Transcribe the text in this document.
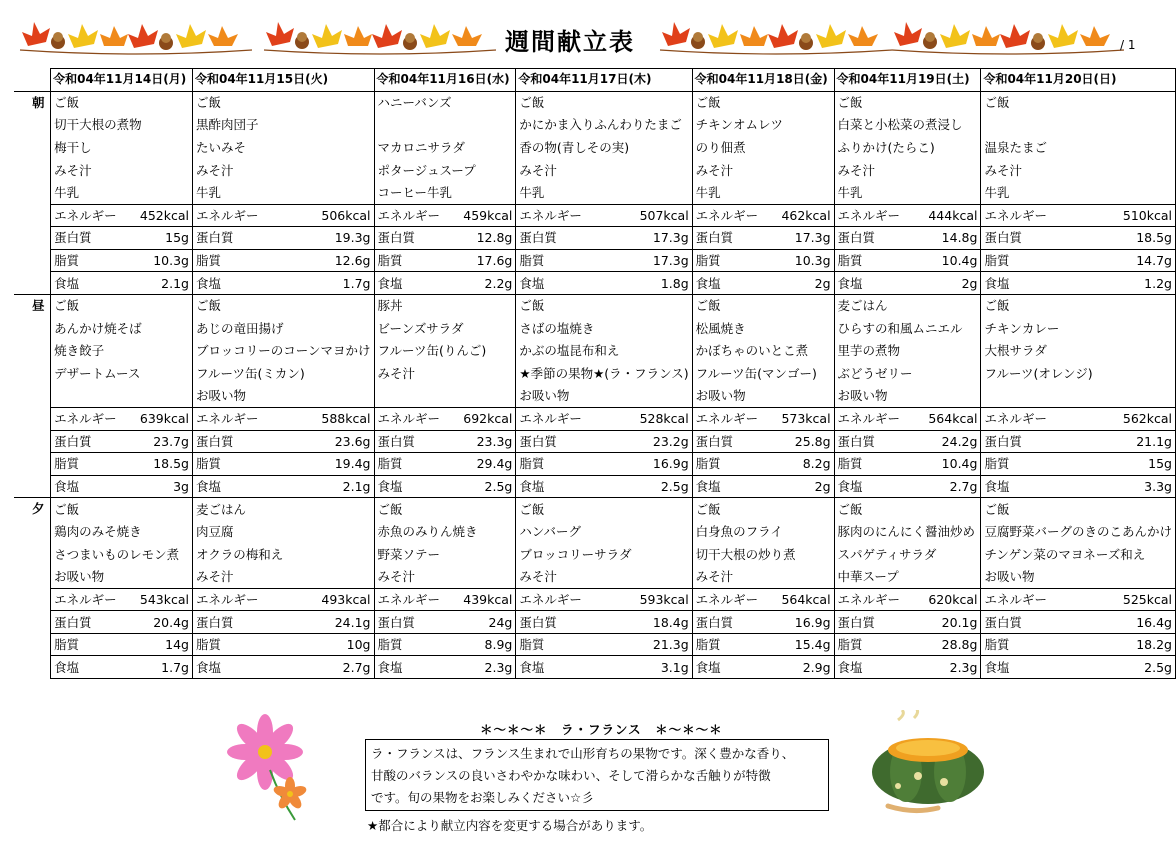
週間献立表	/ 1
	令和04年11月14日(月)		令和04年11月15日(火)		令和04年11月16日(水)		令和04年11月17日(木)		令和04年11月18日(金)		令和04年11月19日(土)		令和04年11月20日(日)	
朝	ご飯		ご飯		ハニーバンズ		ご飯		ご飯		ご飯		ご飯	
	切干大根の煮物		黒酢肉団子				かにかま入りふんわりたまご		チキンオムレツ		白菜と小松菜の煮浸し			
	梅干し		たいみそ		マカロニサラダ		香の物(青しその実)		のり佃煮		ふりかけ(たらこ)		温泉たまご	
	みそ汁		みそ汁		ポタージュスープ		みそ汁		みそ汁		みそ汁		みそ汁	
	牛乳		牛乳		コーヒー牛乳		牛乳		牛乳		牛乳		牛乳	
	エネルギー	452kcal	エネルギー	506kcal	エネルギー	459kcal	エネルギー	507kcal	エネルギー	462kcal	エネルギー	444kcal	エネルギー	510kcal
	蛋白質	15g	蛋白質	19.3g	蛋白質	12.8g	蛋白質	17.3g	蛋白質	17.3g	蛋白質	14.8g	蛋白質	18.5g
	脂質	10.3g	脂質	12.6g	脂質	17.6g	脂質	17.3g	脂質	10.3g	脂質	10.4g	脂質	14.7g
	食塩	2.1g	食塩	1.7g	食塩	2.2g	食塩	1.8g	食塩	2g	食塩	2g	食塩	1.2g
昼	ご飯		ご飯		豚丼		ご飯		ご飯		麦ごはん		ご飯	
	あんかけ焼そば		あじの竜田揚げ		ビーンズサラダ		さばの塩焼き		松風焼き		ひらすの和風ムニエル		チキンカレー	
	焼き餃子		ブロッコリーのコーンマヨかけ		フルーツ缶(りんご)		かぶの塩昆布和え		かぼちゃのいとこ煮		里芋の煮物		大根サラダ	
	デザートムース		フルーツ缶(ミカン)		みそ汁		★季節の果物★(ラ・フランス)		フルーツ缶(マンゴー)		ぶどうゼリー		フルーツ(オレンジ)	
			お吸い物				お吸い物		お吸い物		お吸い物			
	エネルギー	639kcal	エネルギー	588kcal	エネルギー	692kcal	エネルギー	528kcal	エネルギー	573kcal	エネルギー	564kcal	エネルギー	562kcal
	蛋白質	23.7g	蛋白質	23.6g	蛋白質	23.3g	蛋白質	23.2g	蛋白質	25.8g	蛋白質	24.2g	蛋白質	21.1g
	脂質	18.5g	脂質	19.4g	脂質	29.4g	脂質	16.9g	脂質	8.2g	脂質	10.4g	脂質	15g
	食塩	3g	食塩	2.1g	食塩	2.5g	食塩	2.5g	食塩	2g	食塩	2.7g	食塩	3.3g
夕	ご飯		麦ごはん		ご飯		ご飯		ご飯		ご飯		ご飯	
	鶏肉のみそ焼き		肉豆腐		赤魚のみりん焼き		ハンバーグ		白身魚のフライ		豚肉のにんにく醤油炒め		豆腐野菜バーグのきのこあんかけ	
	さつまいものレモン煮		オクラの梅和え		野菜ソテー		ブロッコリーサラダ		切干大根の炒り煮		スパゲティサラダ		チンゲン菜のマヨネーズ和え	
	お吸い物		みそ汁		みそ汁		みそ汁		みそ汁		中華スープ		お吸い物	
	エネルギー	543kcal	エネルギー	493kcal	エネルギー	439kcal	エネルギー	593kcal	エネルギー	564kcal	エネルギー	620kcal	エネルギー	525kcal
	蛋白質	20.4g	蛋白質	24.1g	蛋白質	24g	蛋白質	18.4g	蛋白質	16.9g	蛋白質	20.1g	蛋白質	16.4g
	脂質	14g	脂質	10g	脂質	8.9g	脂質	21.3g	脂質	15.4g	脂質	28.8g	脂質	18.2g
	食塩	1.7g	食塩	2.7g	食塩	2.3g	食塩	3.1g	食塩	2.9g	食塩	2.3g	食塩	2.5g
＊～＊～＊　ラ・フランス　＊～＊～＊
ラ・フランスは、フランス生まれで山形育ちの果物です。深く豊かな香り、
甘酸のバランスの良いさわやかな味わい、そして滑らかな舌触りが特徴
です。旬の果物をお楽しみください☆彡
★都合により献立内容を変更する場合があります。
